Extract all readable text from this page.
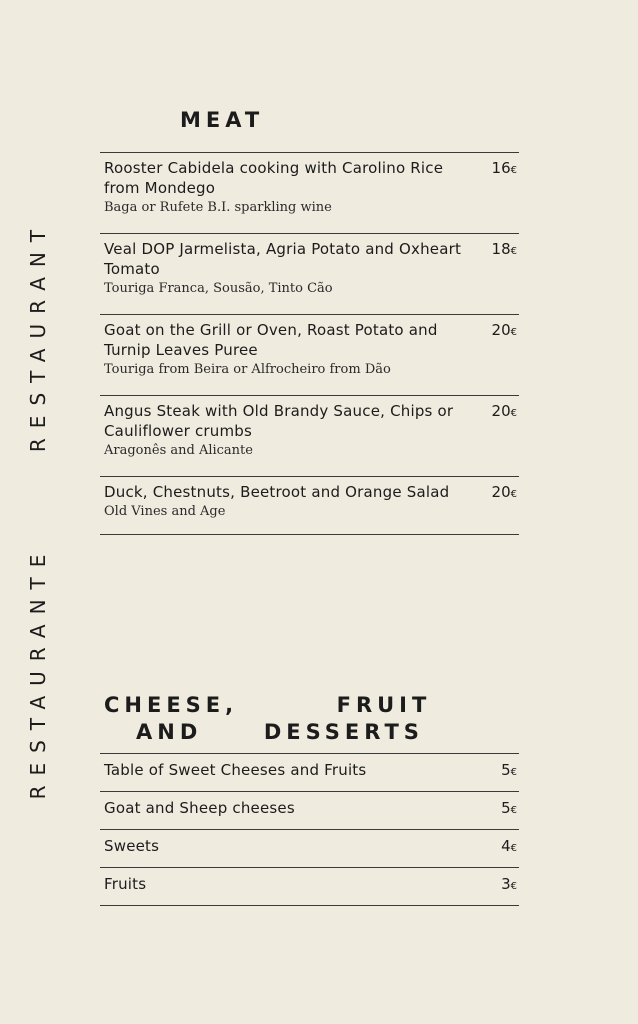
RESTAURANT
RESTAURANTE
MEAT
Rooster Cabidela cooking with Carolino Rice from Mondego
Baga or Rufete B.I. sparkling wine
16€
Veal DOP Jarmelista, Agria Potato and Oxheart Tomato
Touriga Franca, Sousão, Tinto Cão
18€
Goat on the Grill or Oven, Roast Potato and Turnip Leaves Puree
Touriga from Beira or Alfrocheiro from Dão
20€
Angus Steak with Old Brandy Sauce, Chips or Cauliflower crumbs
Aragonês and Alicante
20€
Duck, Chestnuts, Beetroot and Orange Salad
Old Vines and Age
20€
CHEESE,        FRUIT
AND     DESSERTS
Table of Sweet Cheeses and Fruits	5€
Goat and Sheep cheeses	5€
Sweets	4€
Fruits	3€
